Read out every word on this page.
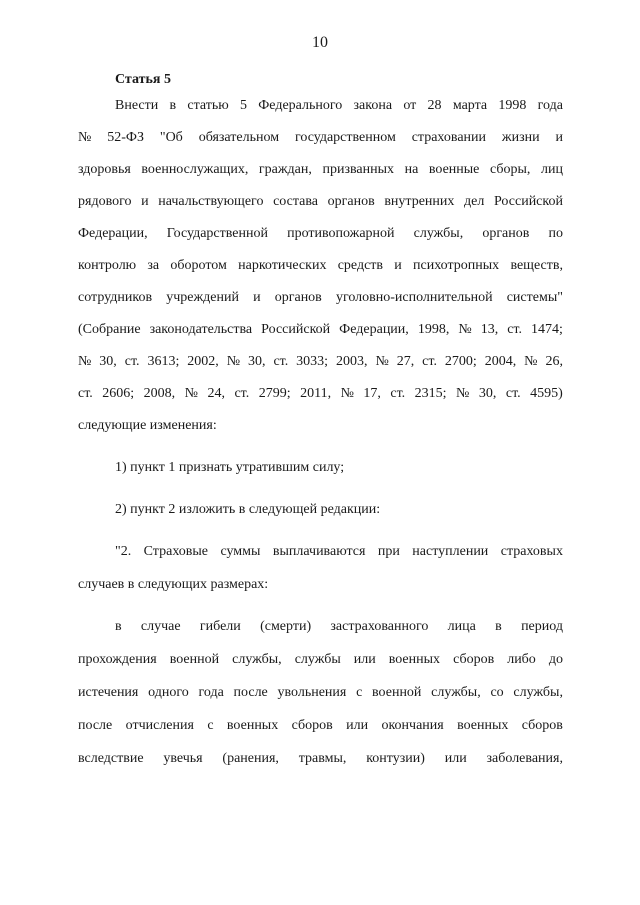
10
Статья 5
Внести в статью 5 Федерального закона от 28 марта 1998 года
№ 52-ФЗ "Об обязательном государственном страховании жизни и
здоровья военнослужащих, граждан, призванных на военные сборы, лиц
рядового и начальствующего состава органов внутренних дел Российской
Федерации, Государственной противопожарной службы, органов по
контролю за оборотом наркотических средств и психотропных веществ,
сотрудников учреждений и органов уголовно-исполнительной системы"
(Собрание законодательства Российской Федерации, 1998, № 13, ст. 1474;
№ 30, ст. 3613; 2002, № 30, ст. 3033; 2003, № 27, ст. 2700; 2004, № 26,
ст. 2606; 2008, № 24, ст. 2799; 2011, № 17, ст. 2315; № 30, ст. 4595)
следующие изменения:
1) пункт 1 признать утратившим силу;
2) пункт 2 изложить в следующей редакции:
"2. Страховые суммы выплачиваются при наступлении страховых
случаев в следующих размерах:
в случае гибели (смерти) застрахованного лица в период
прохождения военной службы, службы или военных сборов либо до
истечения одного года после увольнения с военной службы, со службы,
после отчисления с военных сборов или окончания военных сборов
вследствие увечья (ранения, травмы, контузии) или заболевания,
